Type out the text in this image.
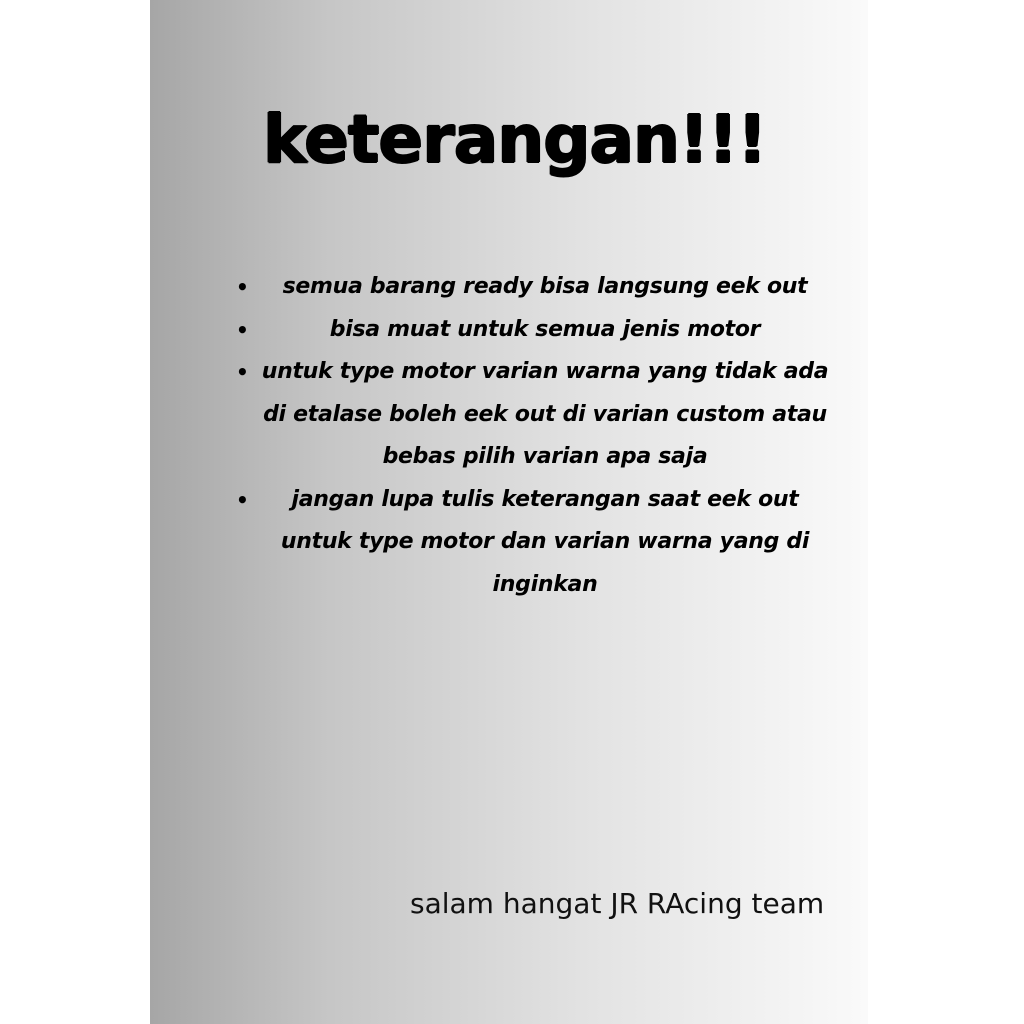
keterangan!!!
• semua barang ready bisa langsung eek out
•	bisa muat untuk semua jenis motor
• untuk type motor varian warna yang tidak ada di etalase boleh eek out di varian custom atau bebas pilih varian apa saja
• jangan lupa tulis keterangan saat eek out untuk type motor dan varian warna yang di inginkan
salam hangat JR RAcing team
